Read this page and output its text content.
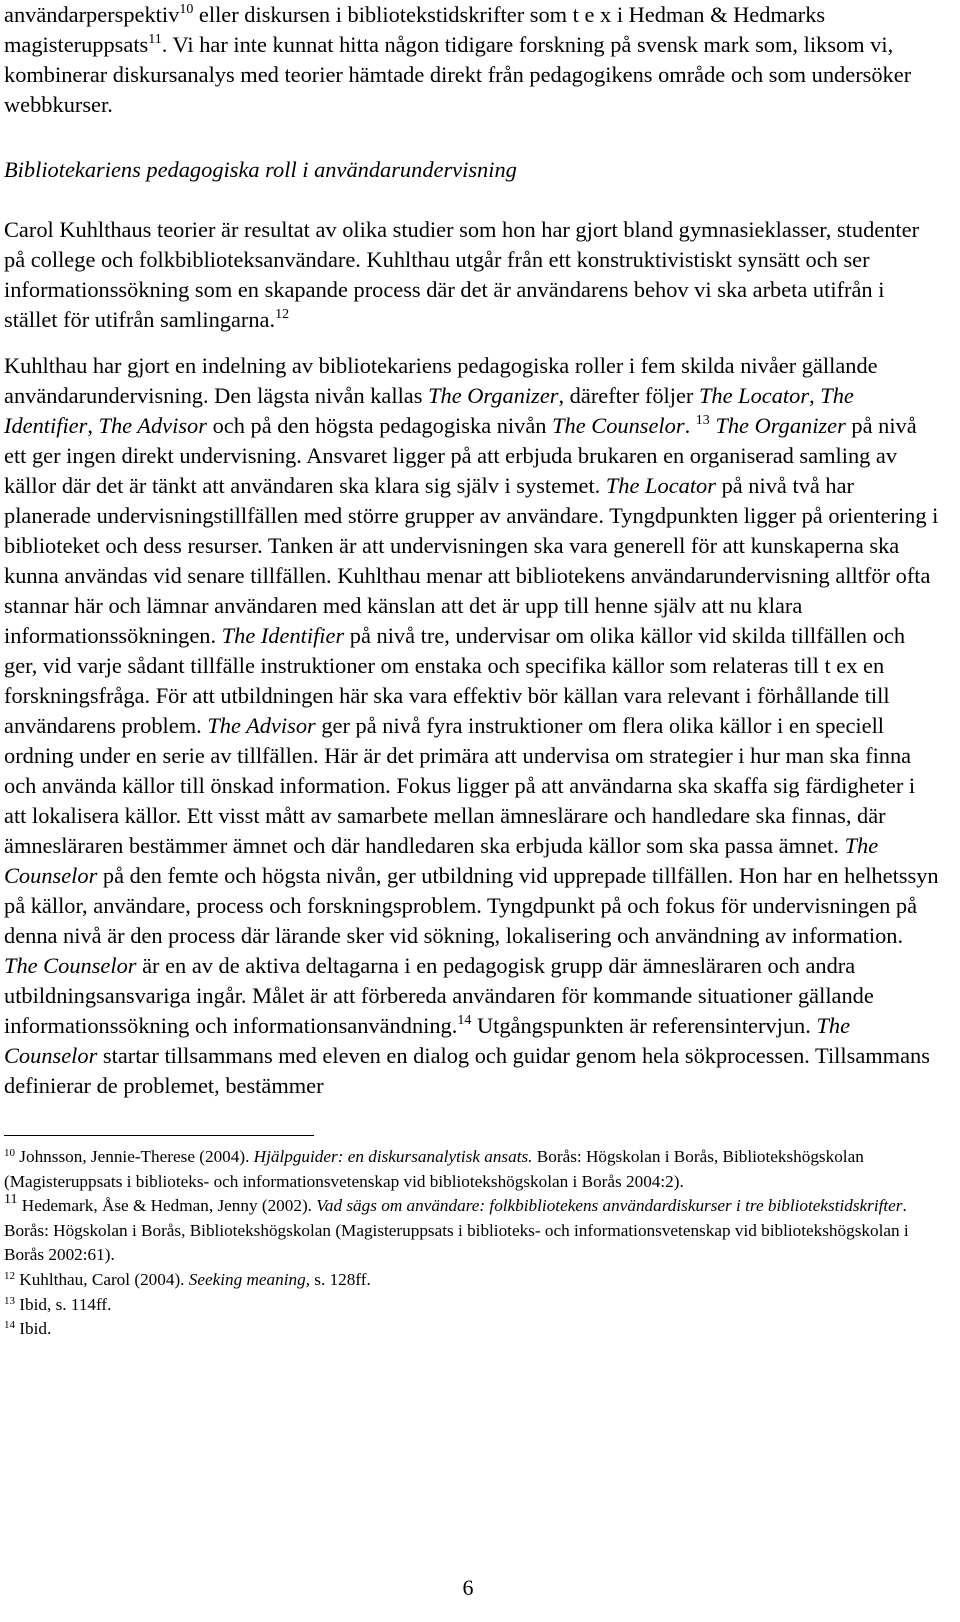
användarperspektiv$^{10}$ eller diskursen i bibliotekstidskrifter som t e x i Hedman & Hedmarks magisteruppsats$^{11}$. Vi har inte kunnat hitta någon tidigare forskning på svensk mark som, liksom vi, kombinerar diskursanalys med teorier hämtade direkt från pedagogikens område och som undersöker webbkurser.

Bibliotekariens pedagogiska roll i användarundervisning

Carol Kuhlthaus teorier är resultat av olika studier som hon har gjort bland gymnasieklasser, studenter på college och folkbiblioteksanvändare. Kuhlthau utgår från ett konstruktivistiskt synsätt och ser informationssökning som en skapande process där det är användarens behov vi ska arbeta utifrån i stället för utifrån samlingarna.$^{12}$

Kuhlthau har gjort en indelning av bibliotekariens pedagogiska roller i fem skilda nivåer gällande användarundervisning. Den lägsta nivån kallas The Organizer, därefter följer The Locator, The Identifier, The Advisor och på den högsta pedagogiska nivån The Counselor. $^{13}$ The Organizer på nivå ett ger ingen direkt undervisning. Ansvaret ligger på att erbjuda brukaren en organiserad samling av källor där det är tänkt att användaren ska klara sig själv i systemet. The Locator på nivå två har planerade undervisningstillfällen med större grupper av användare. Tyngdpunkten ligger på orientering i biblioteket och dess resurser. Tanken är att undervisningen ska vara generell för att kunskaperna ska kunna användas vid senare tillfällen. Kuhlthau menar att bibliotekens användarundervisning alltför ofta stannar här och lämnar användaren med känslan att det är upp till henne själv att nu klara informationssökningen. The Identifier på nivå tre, undervisar om olika källor vid skilda tillfällen och ger, vid varje sådant tillfälle instruktioner om enstaka och specifika källor som relateras till t ex en forskningsfråga. För att utbildningen här ska vara effektiv bör källan vara relevant i förhållande till användarens problem. The Advisor ger på nivå fyra instruktioner om flera olika källor i en speciell ordning under en serie av tillfällen. Här är det primära att undervisa om strategier i hur man ska finna och använda källor till önskad information. Fokus ligger på att användarna ska skaffa sig färdigheter i att lokalisera källor. Ett visst mått av samarbete mellan ämneslärare och handledare ska finnas, där ämnesläraren bestämmer ämnet och där handledaren ska erbjuda källor som ska passa ämnet. The Counselor på den femte och högsta nivån, ger utbildning vid upprepade tillfällen. Hon har en helhetssyn på källor, användare, process och forskningsproblem. Tyngdpunkt på och fokus för undervisningen på denna nivå är den process där lärande sker vid sökning, lokalisering och användning av information. The Counselor är en av de aktiva deltagarna i en pedagogisk grupp där ämnesläraren och andra utbildningsansvariga ingår. Målet är att förbereda användaren för kommande situationer gällande informationssökning och informationsanvändning.$^{14}$ Utgångspunkten är referensintervjun. The Counselor startar tillsammans med eleven en dialog och guidar genom hela sökprocessen. Tillsammans definierar de problemet, bestämmer

$^{10}$ Johnsson, Jennie-Therese (2004). Hjälpguider: en diskursanalytisk ansats. Borås: Högskolan i Borås, Bibliotekshögskolan (Magisteruppsats i biblioteks- och informationsvetenskap vid bibliotekshögskolan i Borås 2004:2).

$^{11}$ Hedemark, Åse & Hedman, Jenny (2002). Vad sägs om användare: folkbibliotekens användardiskurser i tre bibliotekstidskrifter. Borås: Högskolan i Borås, Bibliotekshögskolan (Magisteruppsats i biblioteks- och informationsvetenskap vid bibliotekshögskolan i Borås 2002:61).

$^{12}$ Kuhlthau, Carol (2004). Seeking meaning, s. 128ff.

$^{13}$ Ibid, s. 114ff.

$^{14}$ Ibid.

6
